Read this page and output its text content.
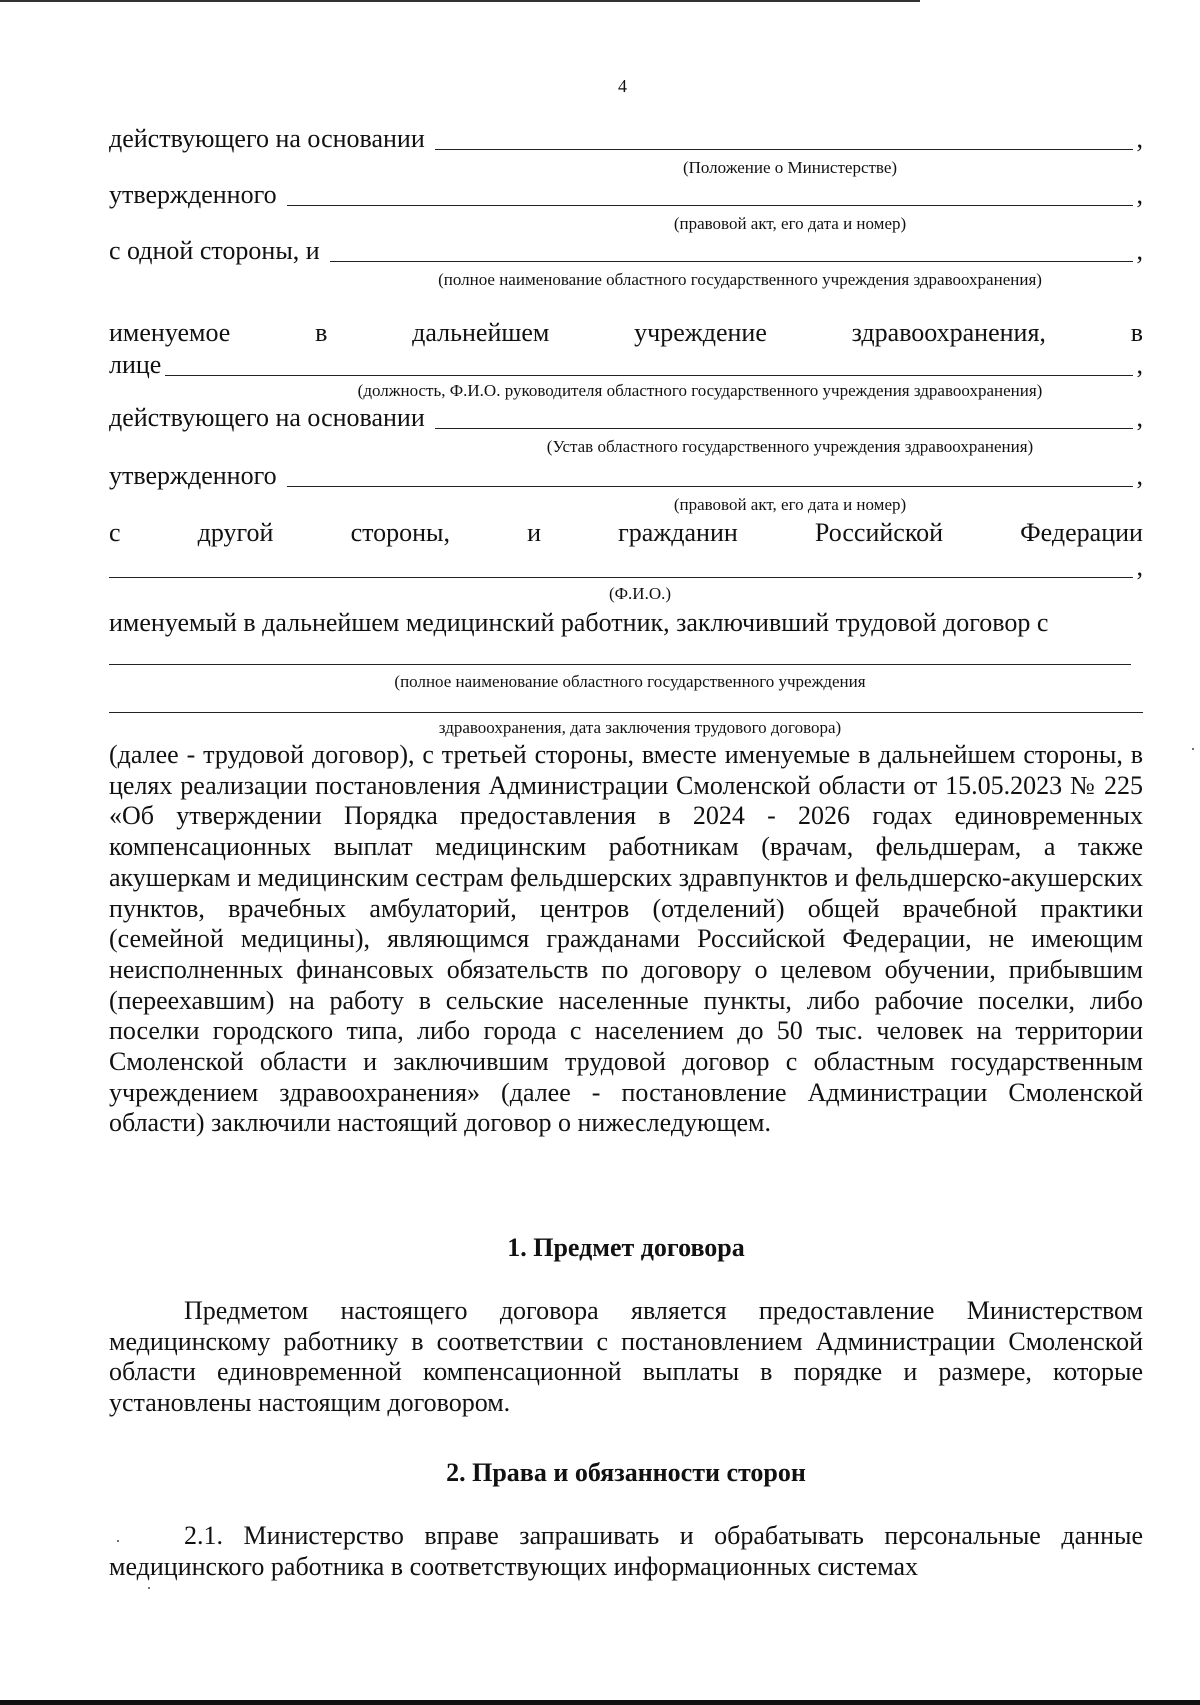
4
действующего на основании	,
(Положение о Министерстве)
утвержденного	,
(правовой акт, его дата и номер)
с одной стороны, и	,
(полное наименование областного государственного учреждения здравоохранения)
именуемое	в	дальнейшем	учреждение	здравоохранения,	в
лице	,
(должность, Ф.И.О. руководителя областного государственного учреждения здравоохранения)
действующего на основании	,
(Устав областного государственного учреждения здравоохранения)
утвержденного	,
(правовой акт, его дата и номер)
с	другой	стороны,	и	гражданин	Российской	Федерации
,
(Ф.И.О.)
именуемый в дальнейшем медицинский работник, заключивший трудовой договор с
(полное наименование областного государственного учреждения
здравоохранения, дата заключения трудового договора)
(далее - трудовой договор), с третьей стороны, вместе именуемые в дальнейшем стороны, в целях реализации постановления Администрации Смоленской области от 15.05.2023 № 225 «Об утверждении Порядка предоставления в 2024 - 2026 годах единовременных компенсационных выплат медицинским работникам (врачам, фельдшерам, а также акушеркам и медицинским сестрам фельдшерских здравпунктов и фельдшерско-акушерских пунктов, врачебных амбулаторий, центров (отделений) общей врачебной практики (семейной медицины), являющимся гражданами Российской Федерации, не имеющим неисполненных финансовых обязательств по договору о целевом обучении, прибывшим (переехавшим) на работу в сельские населенные пункты, либо рабочие поселки, либо поселки городского типа, либо города с населением до 50 тыс. человек на территории Смоленской области и заключившим трудовой договор с областным государственным учреждением здравоохранения» (далее - постановление Администрации Смоленской области) заключили настоящий договор о нижеследующем.
1. Предмет договора
Предметом настоящего договора является предоставление Министерством медицинскому работнику в соответствии с постановлением Администрации Смоленской области единовременной компенсационной выплаты в порядке и размере, которые установлены настоящим договором.
2. Права и обязанности сторон
2.1. Министерство вправе запрашивать и обрабатывать персональные данные медицинского работника в соответствующих информационных системах
